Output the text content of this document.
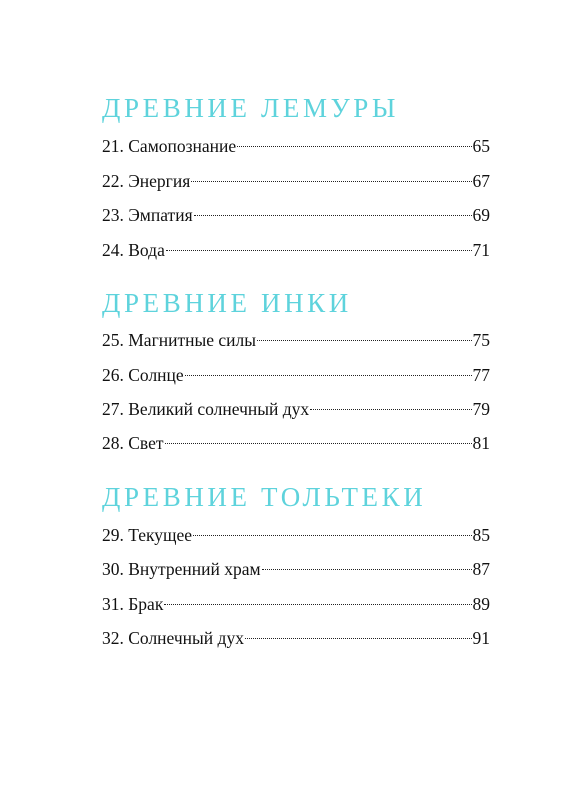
ДРЕВНИЕ ЛЕМУРЫ
21. Самопознание	65
22. Энергия	67
23. Эмпатия	69
24. Вода	71
ДРЕВНИЕ ИНКИ
25. Магнитные силы	75
26. Солнце	77
27. Великий солнечный дух	79
28. Свет	81
ДРЕВНИЕ ТОЛЬТЕКИ
29. Текущее	85
30. Внутренний храм	87
31. Брак	89
32. Солнечный дух	91
